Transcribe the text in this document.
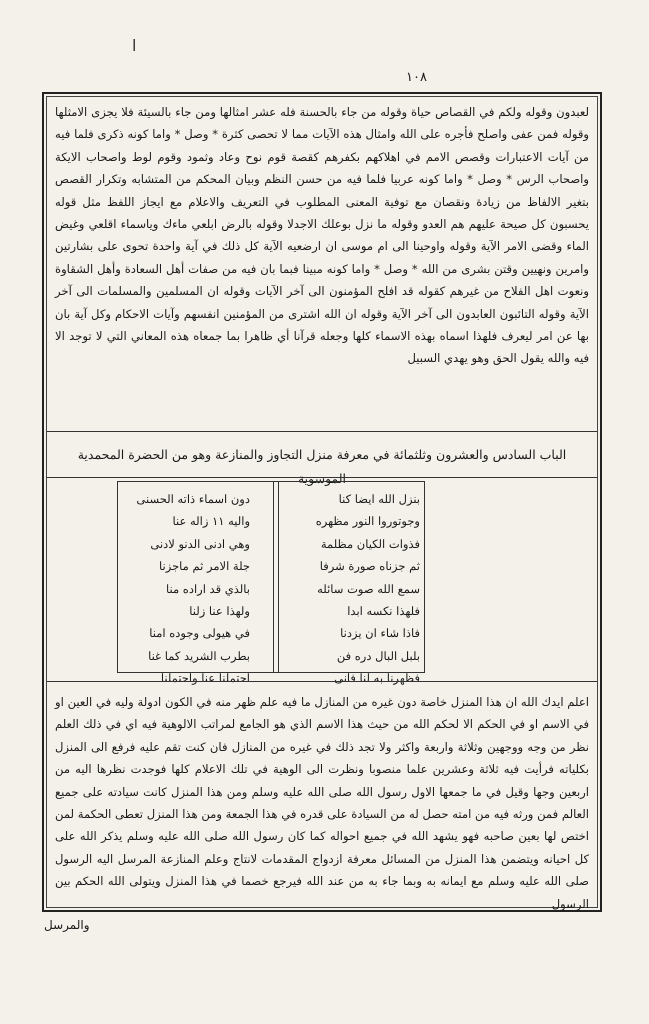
ا
١٠٨
لعبدون وقوله ولكم في القصاص حياة وقوله من جاء بالحسنة فله عشر امثالها ومن جاء بالسيئة فلا يجزى الامثلها وقوله فمن عفى واصلح فأجره على الله وامثال هذه الآيات مما لا تحصى كثرة * وصل * واما كونه ذكرى فلما فيه من آيات الاعتبارات وقصص الامم في اهلاكهم بكفرهم كقصة قوم نوح وعاد وثمود وقوم لوط واصحاب الايكة واصحاب الرس * وصل * واما كونه عربيا فلما فيه من حسن النظم وبيان المحكم من المتشابه وتكرار القصص بتغير الالفاظ من زيادة ونقصان مع توفية المعنى المطلوب في التعريف والاعلام مع ايجاز اللفظ مثل قوله يحسبون كل صيحة عليهم هم العدو وقوله ما نزل بوعلك الاجدلا وقوله بالرض ابلعي ماءك وياسماء اقلعي وغيض الماء وقضى الامر الآية وقوله واوحينا الى ام موسى ان ارضعيه الآية كل ذلك في آية واحدة تحوى على بشارتين وامرين ونهيين وقتن بشرى من الله * وصل * واما كونه مبينا فبما بان فيه من صفات أهل السعادة وأهل الشقاوة ونعوت اهل الفلاح من غيرهم كقوله قد افلح المؤمنون الى آخر الآيات وقوله ان المسلمين والمسلمات الى آخر الآية وقوله التائبون العابدون الى آخر الآية وقوله ان الله اشترى من المؤمنين انفسهم وآيات الاحكام وكل آية بان بها عن امر ليعرف فلهذا اسماه بهذه الاسماء كلها وجعله قرآنا أي ظاهرا بما جمعاه هذه المعاني التي لا توجد الا فيه والله يقول الحق وهو يهدي السبيل
الباب السادس والعشرون وثلثمائة في معرفة منزل التجاوز والمنازعة وهو من الحضرة المحمدية الموسوية
بنزل الله ايضا كنا
وجوتوروا النور مظهره
فذوات الكيان مظلمة
ثم جزناه صورة شرفا
سمع الله صوت سائله
فلهذا نكسه ابدا
فاذا شاء ان يزدنا
بلبل البال دره فن
فظهرنا به لنا فانى
دون اسماء ذاته الحسنى
واليه ١١ زاله عنا
وهي ادنى الدنو لادنى
جلة الامر ثم ماجزنا
بالذي قد اراده منا
ولهذا عنا زلنا
في هيولى وجوده امنا
بطرب الشريد كما غنا
احتملنا عنا واحتملنا
اعلم ايدك الله ان هذا المنزل خاصة دون غيره من المنازل ما فيه علم ظهر منه في الكون ادولة وليه في العين او في الاسم او في الحكم الا لحكم الله من حيث هذا الاسم الذي هو الجامع لمراتب الالوهية فيه اي في ذلك العلم نظر من وجه ووجهين وثلاثة واربعة واكثر ولا تجد ذلك في غيره من المنازل فان كنت تقم عليه فرفع الى المنزل بكلياته فرأيت فيه ثلاثة وعشرين علما منصوبا ونظرت الى الوهية في تلك الاعلام كلها فوجدت نظرها اليه من اربعين وجها وقيل في ما جمعها الاول رسول الله صلى الله عليه وسلم ومن هذا المنزل كانت سيادته على جميع العالم فمن ورثه فيه من امته حصل له من السيادة على قدره في هذا الجمعة ومن هذا المنزل تعطى الحكمة لمن اختص لها بعين صاحبه فهو يشهد الله في جميع احواله كما كان رسول الله صلى الله عليه وسلم يذكر الله على كل احيانه ويتضمن هذا المنزل من المسائل معرفة ازدواج المقدمات لانتاج وعلم المنازعة المرسل اليه الرسول صلى الله عليه وسلم مع ايمانه به وبما جاء به من عند الله فيرجع خصما في هذا المنزل ويتولى الله الحكم بين الرسول
والمرسل
